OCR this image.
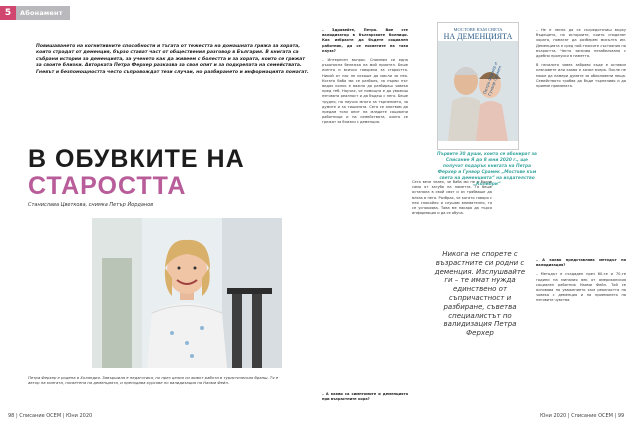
5	Абонамент
Повишаването на когнитивните способности и тъгата от тежестта на домашната грижа за хората, които страдат от деменция, бързо стават част от обществения разговор в България. В книгата са събрани истории за деменцията, за ученето как да живеем с болестта и за хората, които се грижат за своите близки. Авторката Петра Ферхер разказва за своя опит и за подкрепата на семействата. Гневът и безпомощността често съпровождат тези случаи, но разбирането и информацията помагат.
В ОБУВКИТЕ НА
СТАРОСТТА
Станислава Цветкова, снимка Петър Йорданов
Петра Ферхер е родена в Холандия. Завършила е педагогика, но през целия си живот работи в туристическия бранш. Тя е автор на книгата, посветена на деменцията, и преподава курсове по валидизация на Наоми Фейл.

– Здравейте, Петра. Вие сте валидизатор в българските болници. Как избрахте да бъдете социален работник, да се посветите на тази кауза?

– Интересен въпрос. Спомням си една ръкописна бележка на мой приятел. Беше есента и всички говореха за старостта. Никой от нас не искаше да мисли за нея. Когато баба ми се разболя, за първи път видях колко е важно да разбираш човека пред теб. Научих, че помощта е да уважиш неговата реалност и да бъдеш с него. Беше трудно, но научих много за търпението, за думите и за тишината. Сега се опитвам да предам този опит на младите социални работници и на семействата, които се грижат за близки с деменция.

– А какви са симптомите и деменцията при възрастните хора?

МОСТОВЕ КЪМ СВЕТА
НА ДЕМЕНЦИЯТА
Петра Ферхер и Гунвор Срамек
Първите 30 души, които се абонират за Списание Я до 8 юни 2020 г., ще получат подарък книгата на Петра Ферхер и Гунвор Срамек „Мостове към света на деменцията“ на издателство „Колибри“

Сега вече знаех, че баба ми не е болна само от загуба на паметта. Тя беше останала в свой свят и аз трябваше да вляза в него. Разбрах, че когато говоря с нея спокойно и слушам внимателно, тя се успокоява. Това ме накара да търся информация и да се обуча.

Никога не спорете с възрастните си родни с деменция. Изслушвайте ги – те имат нужда единствено от съпричастност и разбиране, съветва специалистът по валидизация Петра Ферхер

– Не е лесно да се съсредоточиш върху бъдещето, но историите, които споделят хората, помагат да разберем мисълта им. Деменцията е сред най-тежките състояния на възрастта. Често започва незабелязано с дребни пропуски в паметта.

В началото човек забравя къде е оставил ключовете или какво е казал вчера. После не може да намери думите за обикновени неща. Семейството трябва да бъде търпеливо и да приеме промяната.

– А какво представлява методът на валидизация?

– Методът е създаден през 60-те и 70-те години на миналия век от американския социален работник Наоми Фейл. Той се основава на уважението към реалността на човека с деменция и на приемането на неговите чувства.

98 | Списание ОСЕМ | Юни 2020	Юни 2020 | Списание ОСЕМ | 99
